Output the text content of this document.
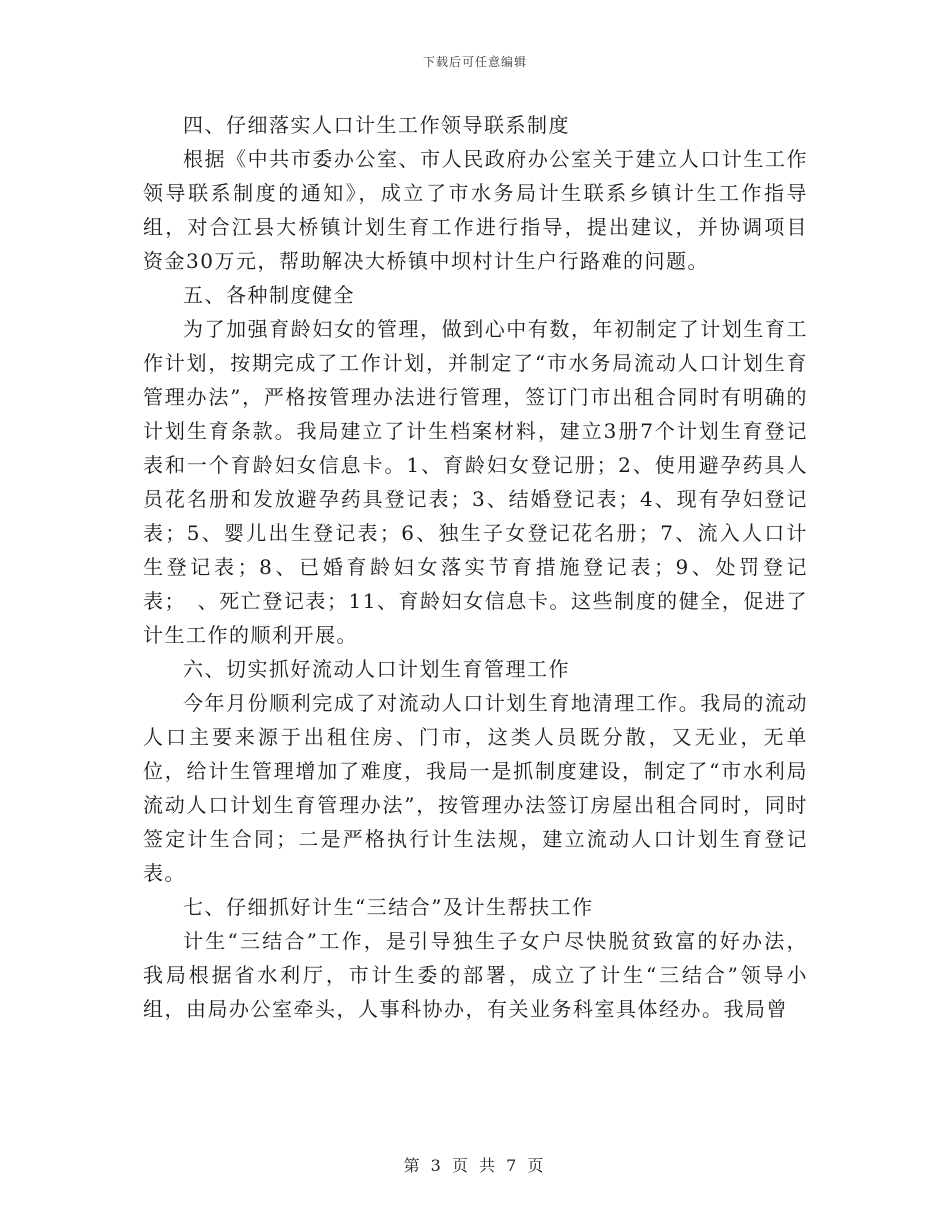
下载后可任意编辑

四、仔细落实人口计生工作领导联系制度

根据《中共市委办公室、市人民政府办公室关于建立人口计生工作领导联系制度的通知》，成立了市水务局计生联系乡镇计生工作指导组，对合江县大桥镇计划生育工作进行指导，提出建议，并协调项目资金30万元，帮助解决大桥镇中坝村计生户行路难的问题。

五、各种制度健全

为了加强育龄妇女的管理，做到心中有数，年初制定了计划生育工作计划，按期完成了工作计划，并制定了“市水务局流动人口计划生育管理办法”，严格按管理办法进行管理，签订门市出租合同时有明确的计划生育条款。我局建立了计生档案材料，建立3册7个计划生育登记表和一个育龄妇女信息卡。1、育龄妇女登记册；2、使用避孕药具人员花名册和发放避孕药具登记表；3、结婚登记表；4、现有孕妇登记表；5、婴儿出生登记表；6、独生子女登记花名册；7、流入人口计生登记表；8、已婚育龄妇女落实节育措施登记表；9、处罚登记表；　、死亡登记表；11、育龄妇女信息卡。这些制度的健全，促进了计生工作的顺利开展。

六、切实抓好流动人口计划生育管理工作

今年月份顺利完成了对流动人口计划生育地清理工作。我局的流动人口主要来源于出租住房、门市，这类人员既分散，又无业，无单位，给计生管理增加了难度，我局一是抓制度建设，制定了“市水利局流动人口计划生育管理办法”，按管理办法签订房屋出租合同时，同时签定计生合同；二是严格执行计生法规，建立流动人口计划生育登记表。

七、仔细抓好计生“三结合”及计生帮扶工作

计生“三结合”工作，是引导独生子女户尽快脱贫致富的好办法，我局根据省水利厅，市计生委的部署，成立了计生“三结合”领导小组，由局办公室牵头，人事科协办，有关业务科室具体经办。我局曾

第 3 页 共 7 页
